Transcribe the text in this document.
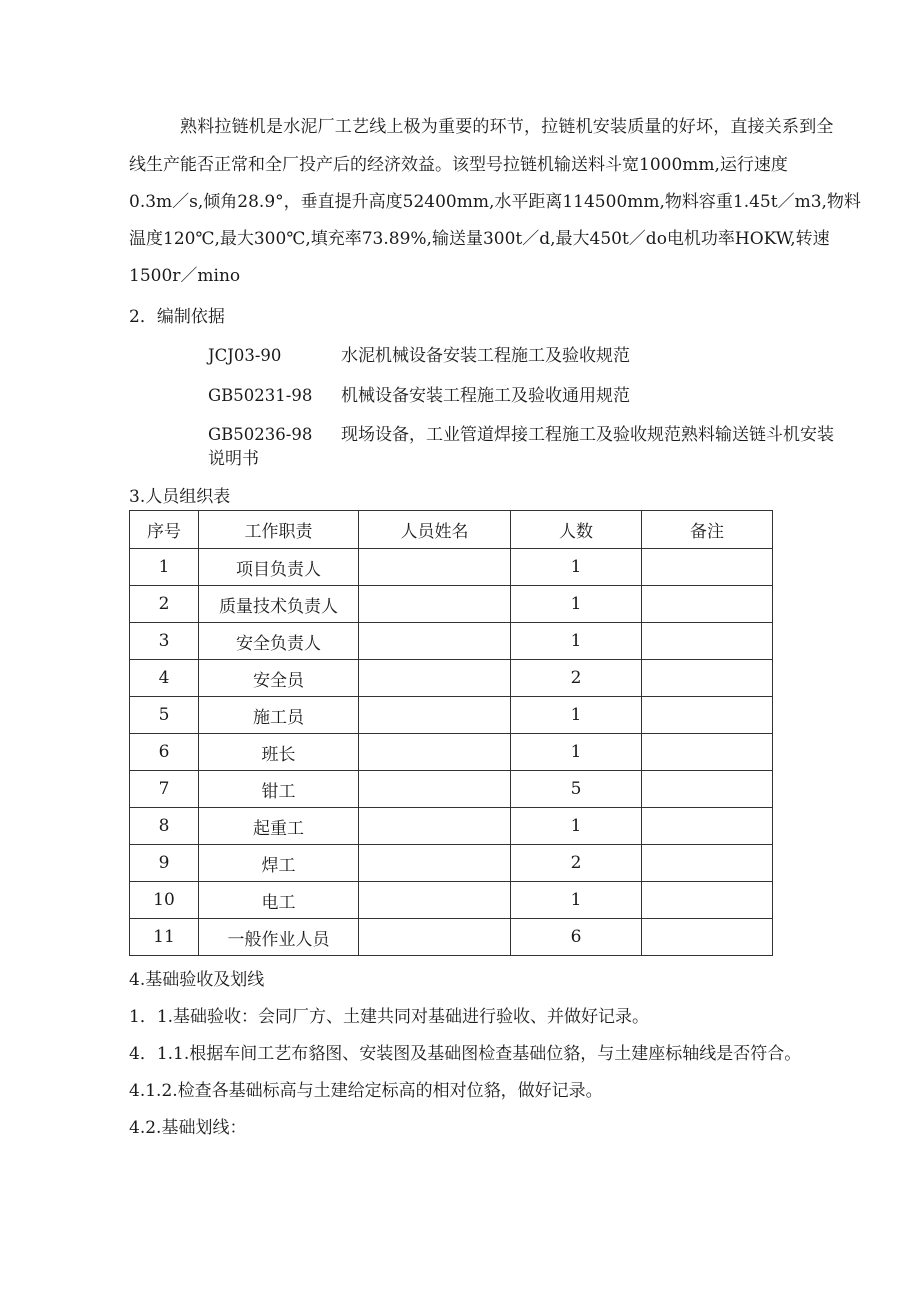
熟料拉链机是水泥厂工艺线上极为重要的环节，拉链机安装质量的好坏，直接关系到全
线生产能否正常和全厂投产后的经济效益。该型号拉链机输送料斗宽1000mm,运行速度
0.3m／s,倾角28.9°，垂直提升高度52400mm,水平距离114500mm,物料容重1.45t／m3,物料
温度120℃,最大300℃,填充率73.89%,输送量300t／d,最大450t／do电机功率HOKW,转速
1500r／mino
2．编制依据
JCJ03-90	水泥机械设备安装工程施工及验收规范
GB50231-98 机械设备安装工程施工及验收通用规范
GB50236-98 现场设备，工业管道焊接工程施工及验收规范熟料输送链斗机安装
说明书
3.人员组织表
序号	工作职责	人员姓名	人数	备注
1	项目负责人		1	
2	质量技术负责人		1	
3	安全负责人		1	
4	安全员		2	
5	施工员		1	
6	班长		1	
7	钳工		5	
8	起重工		1	
9	焊工		2	
10	电工		1	
11	一般作业人员		6	
4.基础验收及划线
1．1.基础验收：会同厂方、土建共同对基础进行验收、并做好记录。
4．1.1.根据车间工艺布貉图、安装图及基础图检查基础位貉，与土建座标轴线是否符合。
4.1.2.检查各基础标高与土建给定标高的相对位貉，做好记录。
4.2.基础划线：
